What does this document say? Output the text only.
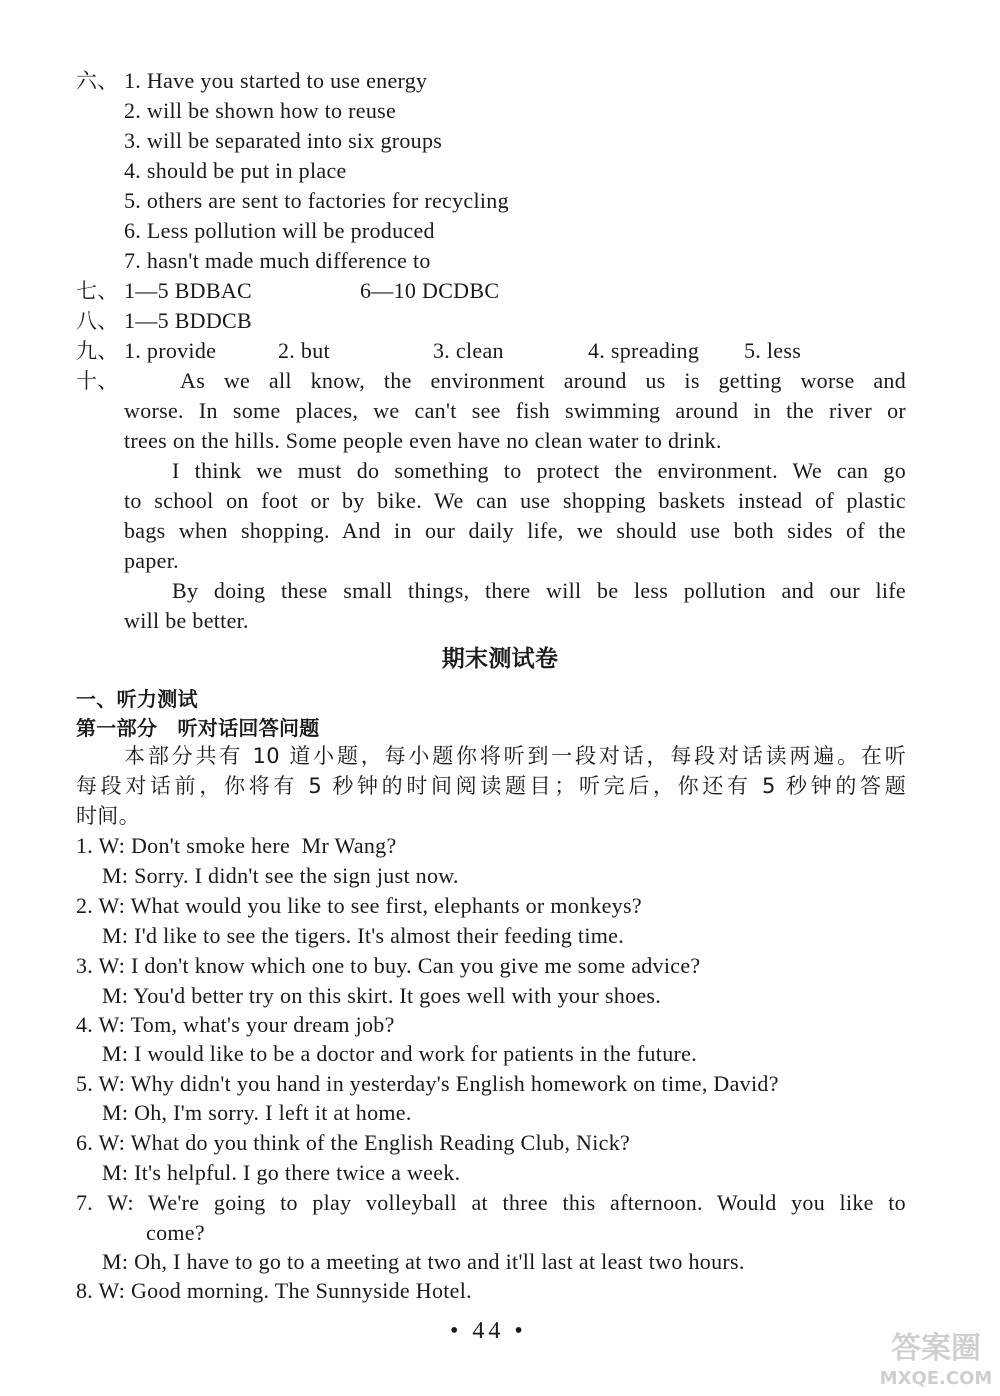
六、 1. Have you started to use energy
2. will be shown how to reuse
3. will be separated into six groups
4. should be put in place
5. others are sent to factories for recycling
6. Less pollution will be produced
7. hasn't made much difference to
七、 1—5 BDBAC	6—10 DCDBC
八、 1—5 BDDCB
九、 1. provide	2. but	3. clean	4. spreading 5. less
十、	As we all know, the environment around us is getting worse and
worse. In some places, we can't see fish swimming around in the river or
trees on the hills. Some people even have no clean water to drink.
I think we must do something to protect the environment. We can go
to school on foot or by bike. We can use shopping baskets instead of plastic
bags when shopping. And in our daily life, we should use both sides of the
paper.
By doing these small things, there will be less pollution and our life
will be better.
期末测试卷
一、听力测试
第一部分　听对话回答问题
本部分共有 10 道小题，每小题你将听到一段对话，每段对话读两遍。在听
每段对话前，你将有 5 秒钟的时间阅读题目；听完后，你还有 5 秒钟的答题
时间。
1. W: Don't smoke here  Mr Wang?
M: Sorry. I didn't see the sign just now.
2. W: What would you like to see first, elephants or monkeys?
M: I'd like to see the tigers. It's almost their feeding time.
3. W: I don't know which one to buy. Can you give me some advice?
M: You'd better try on this skirt. It goes well with your shoes.
4. W: Tom, what's your dream job?
M: I would like to be a doctor and work for patients in the future.
5. W: Why didn't you hand in yesterday's English homework on time, David?
M: Oh, I'm sorry. I left it at home.
6. W: What do you think of the English Reading Club, Nick?
M: It's helpful. I go there twice a week.
7. W: We're going to play volleyball at three this afternoon. Would you like to
come?
M: Oh, I have to go to a meeting at two and it'll last at least two hours.
8. W: Good morning. The Sunnyside Hotel.
• 44 •	答案圈
MXQE.COM
